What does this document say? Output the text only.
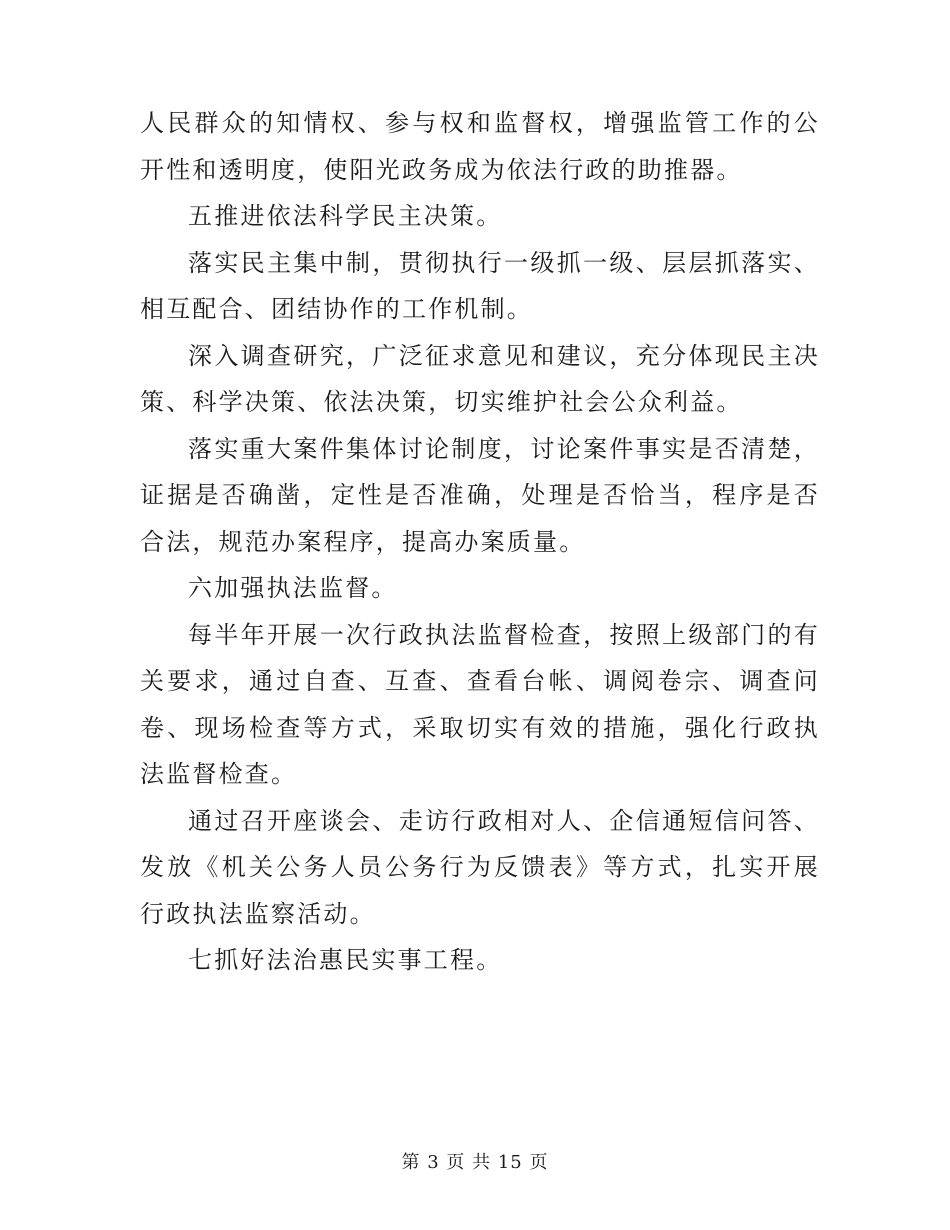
人民群众的知情权、参与权和监督权，增强监管工作的公开性和透明度，使阳光政务成为依法行政的助推器。

五推进依法科学民主决策。

落实民主集中制，贯彻执行一级抓一级、层层抓落实、相互配合、团结协作的工作机制。

深入调查研究，广泛征求意见和建议，充分体现民主决策、科学决策、依法决策，切实维护社会公众利益。

落实重大案件集体讨论制度，讨论案件事实是否清楚，证据是否确凿，定性是否准确，处理是否恰当，程序是否合法，规范办案程序，提高办案质量。

六加强执法监督。

每半年开展一次行政执法监督检查，按照上级部门的有关要求，通过自查、互查、查看台帐、调阅卷宗、调查问卷、现场检查等方式，采取切实有效的措施，强化行政执法监督检查。

通过召开座谈会、走访行政相对人、企信通短信问答、发放《机关公务人员公务行为反馈表》等方式，扎实开展行政执法监察活动。

七抓好法治惠民实事工程。

第 3 页 共 15 页
